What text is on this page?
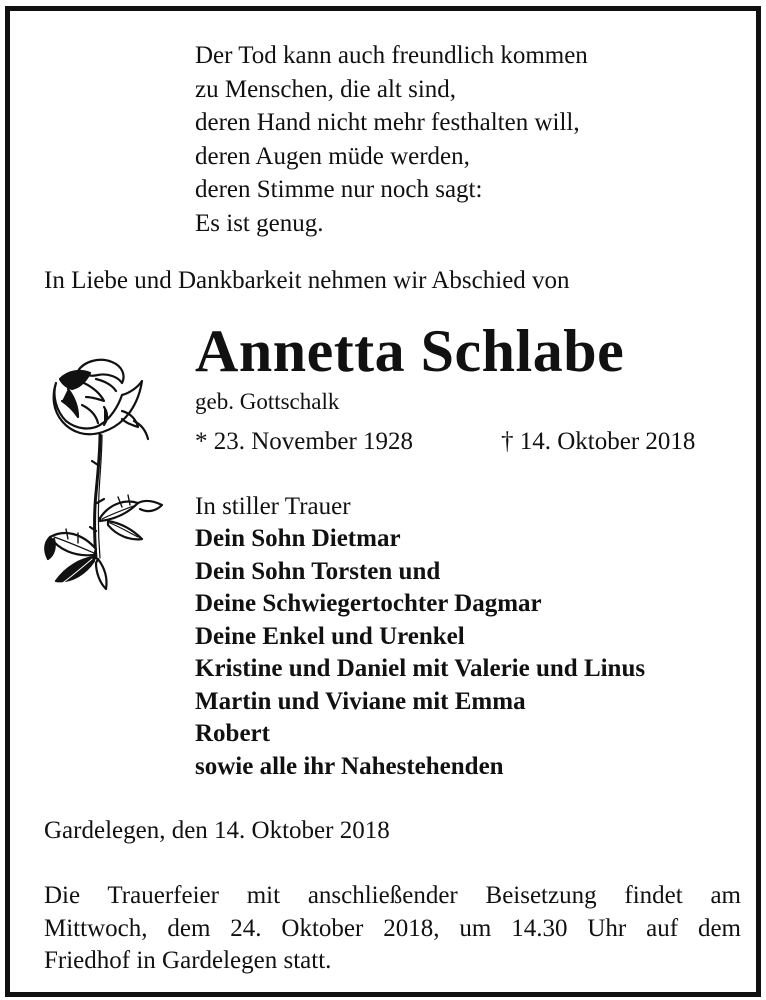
Der Tod kann auch freundlich kommen
zu Menschen, die alt sind,
deren Hand nicht mehr festhalten will,
deren Augen müde werden,
deren Stimme nur noch sagt:
Es ist genug.
In Liebe und Dankbarkeit nehmen wir Abschied von
Annetta Schlabe
geb. Gottschalk
* 23. November 1928	† 14. Oktober 2018
In stiller Trauer
Dein Sohn Dietmar
Dein Sohn Torsten und
Deine Schwiegertochter Dagmar
Deine Enkel und Urenkel
Kristine und Daniel mit Valerie und Linus
Martin und Viviane mit Emma
Robert
sowie alle ihr Nahestehenden
Gardelegen, den 14. Oktober 2018
Die Trauerfeier mit anschließender Beisetzung findet am
Mittwoch, dem 24. Oktober 2018, um 14.30 Uhr auf dem
Friedhof in Gardelegen statt.
